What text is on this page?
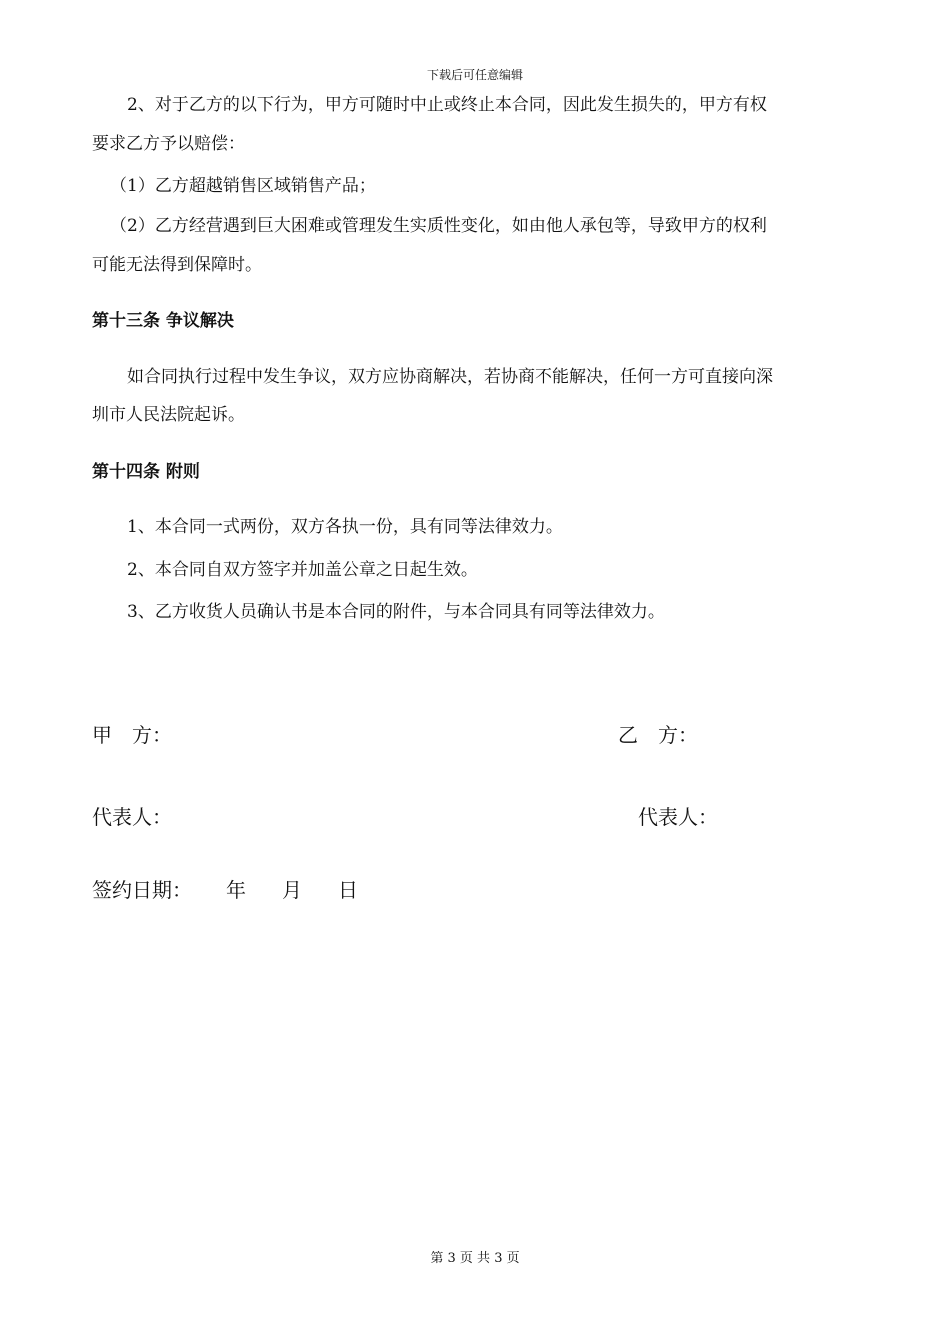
下载后可任意编辑
2、对于乙方的以下行为，甲方可随时中止或终止本合同，因此发生损失的，甲方有权
要求乙方予以赔偿：
（1）乙方超越销售区域销售产品；
（2）乙方经营遇到巨大困难或管理发生实质性变化，如由他人承包等，导致甲方的权利
可能无法得到保障时。
第十三条 争议解决
如合同执行过程中发生争议，双方应协商解决，若协商不能解决，任何一方可直接向深
圳市人民法院起诉。
第十四条 附则
1、本合同一式两份，双方各执一份，具有同等法律效力。
2、本合同自双方签字并加盖公章之日起生效。
3、乙方收货人员确认书是本合同的附件，与本合同具有同等法律效力。
甲　方：	乙　方：
代表人：	代表人：
签约日期： 年 月 日
第 3 页 共 3 页
